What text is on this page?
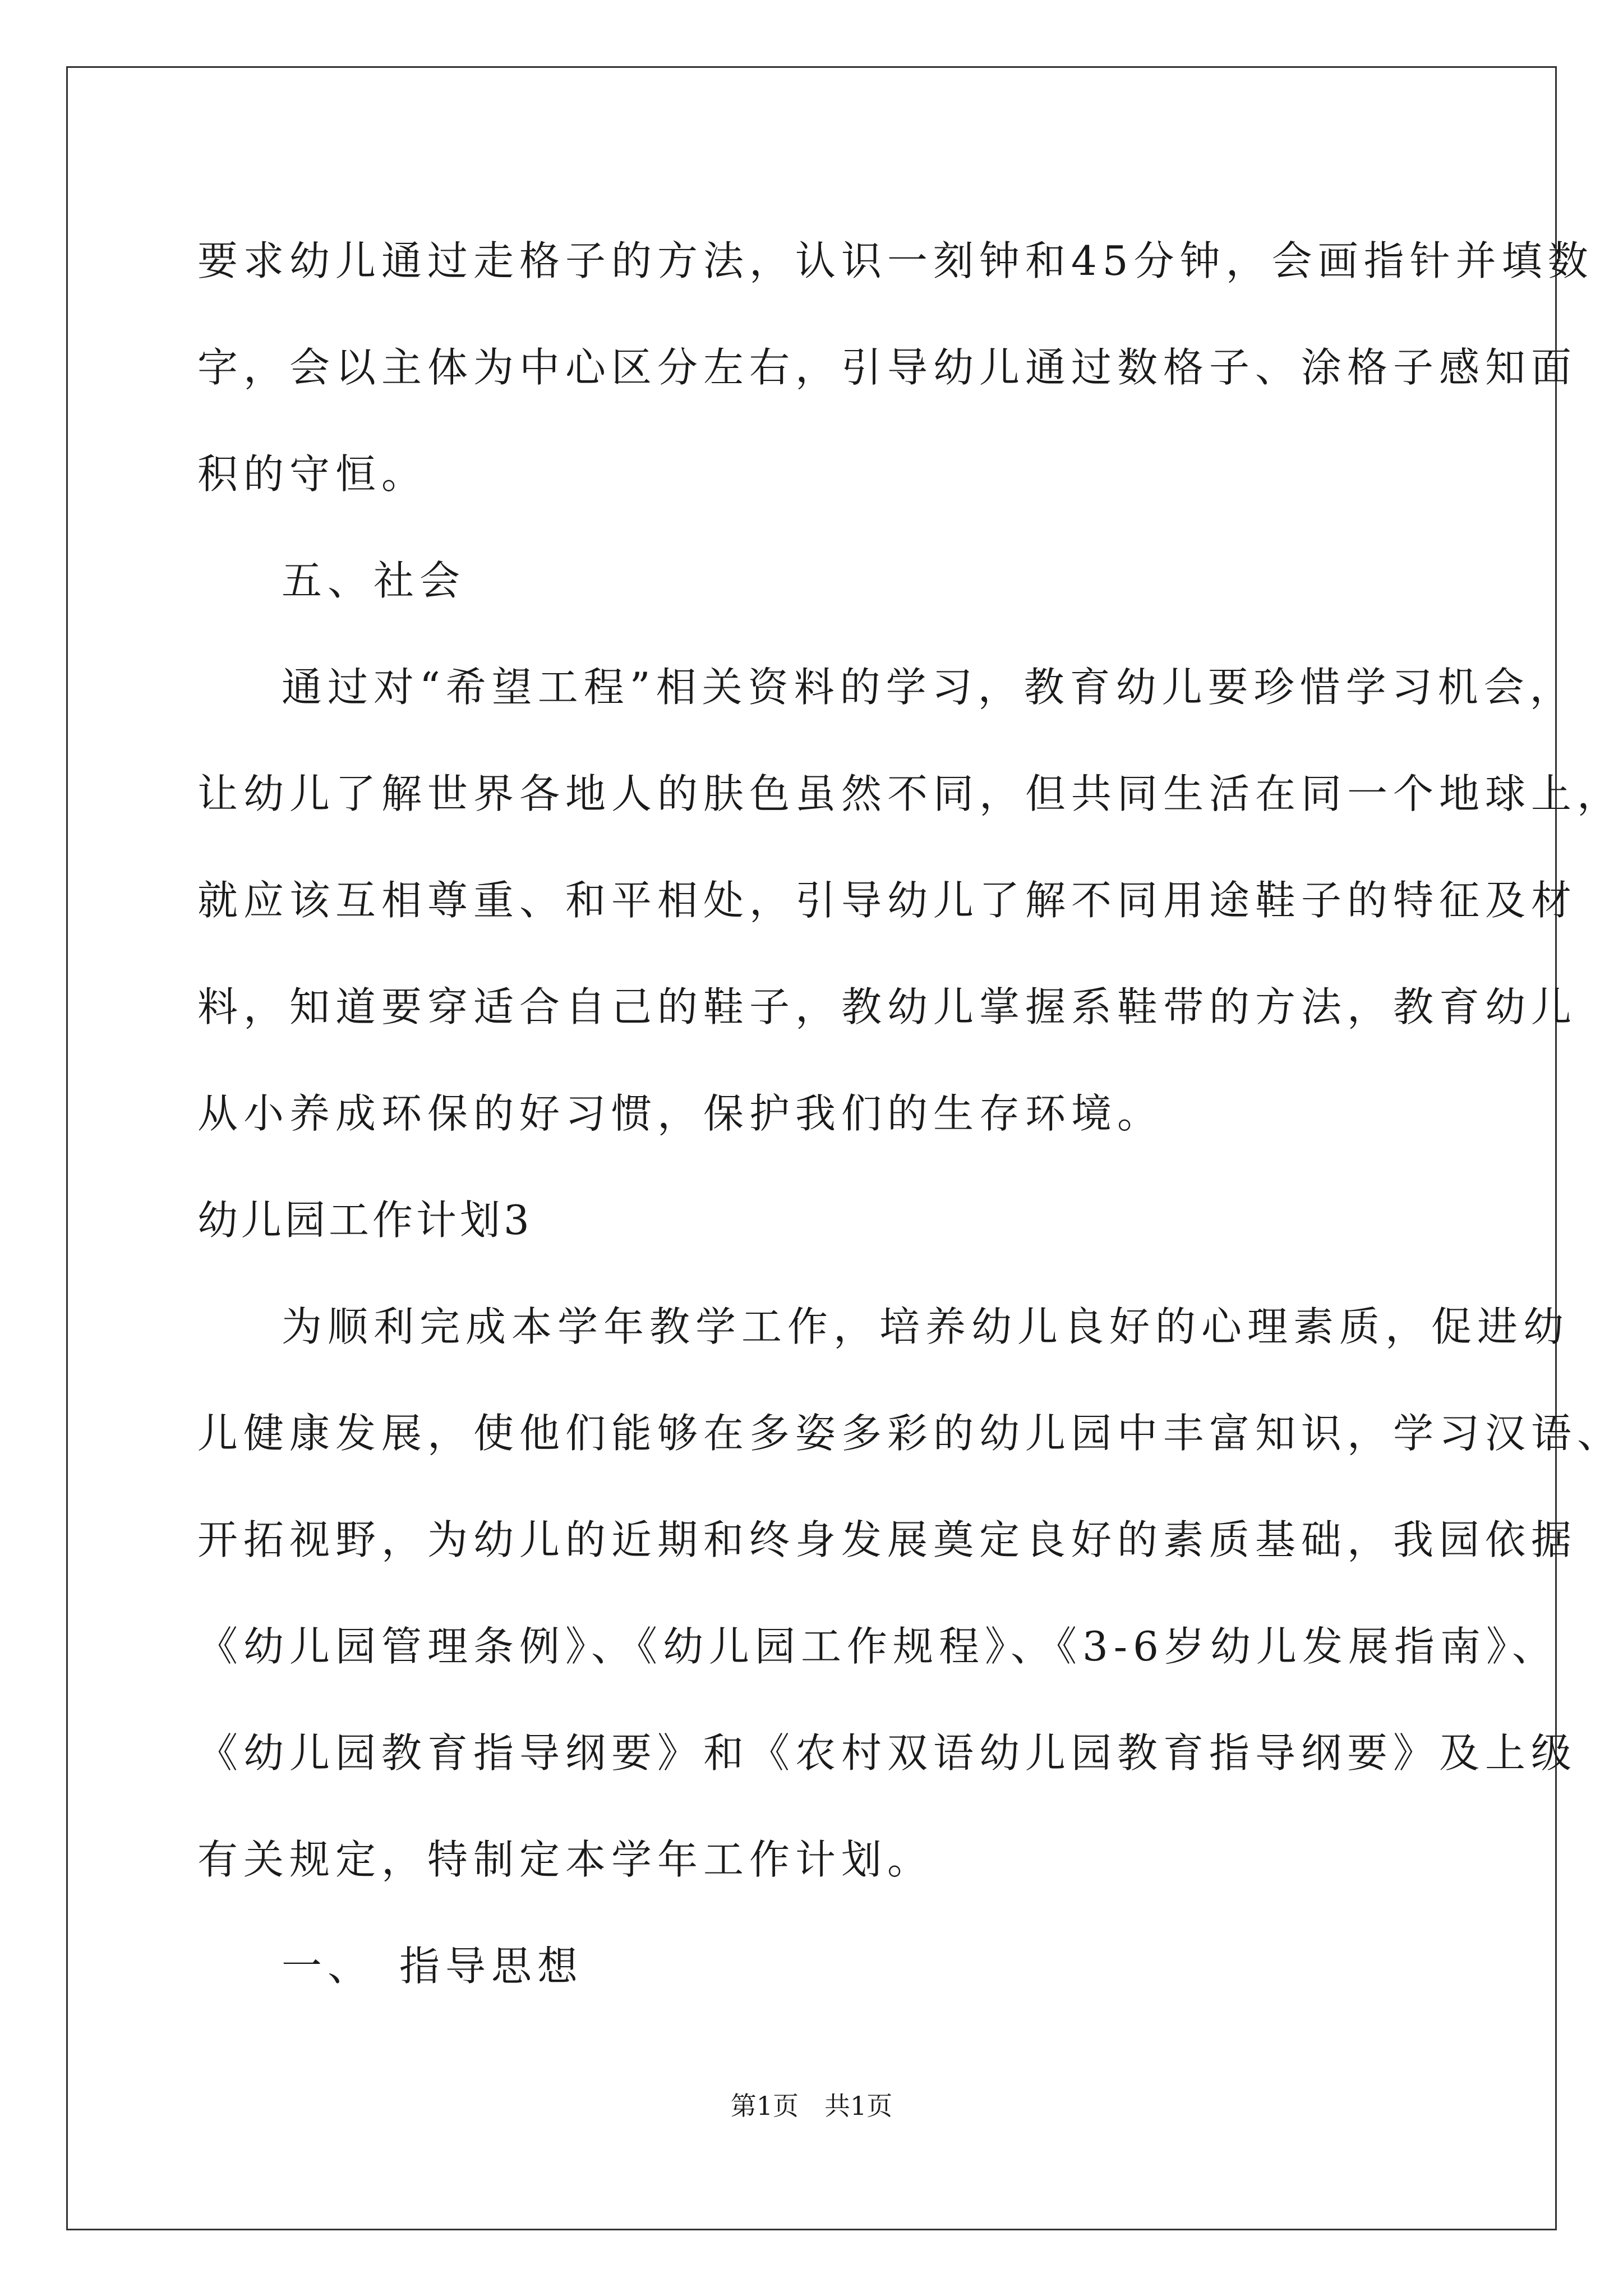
要求幼儿通过走格子的方法，认识一刻钟和45分钟，会画指针并填数
字，会以主体为中心区分左右，引导幼儿通过数格子、涂格子感知面
积的守恒。
五、社会
通过对“希望工程”相关资料的学习，教育幼儿要珍惜学习机会，
让幼儿了解世界各地人的肤色虽然不同，但共同生活在同一个地球上，
就应该互相尊重、和平相处，引导幼儿了解不同用途鞋子的特征及材
料，知道要穿适合自己的鞋子，教幼儿掌握系鞋带的方法，教育幼儿
从小养成环保的好习惯，保护我们的生存环境。
幼儿园工作计划3
为顺利完成本学年教学工作，培养幼儿良好的心理素质，促进幼
儿健康发展，使他们能够在多姿多彩的幼儿园中丰富知识，学习汉语、
开拓视野，为幼儿的近期和终身发展奠定良好的素质基础，我园依据
《幼儿园管理条例》、《幼儿园工作规程》、《3-6岁幼儿发展指南》、
《幼儿园教育指导纲要》和《农村双语幼儿园教育指导纲要》及上级
有关规定，特制定本学年工作计划。
一、　指导思想
第1页　共1页
